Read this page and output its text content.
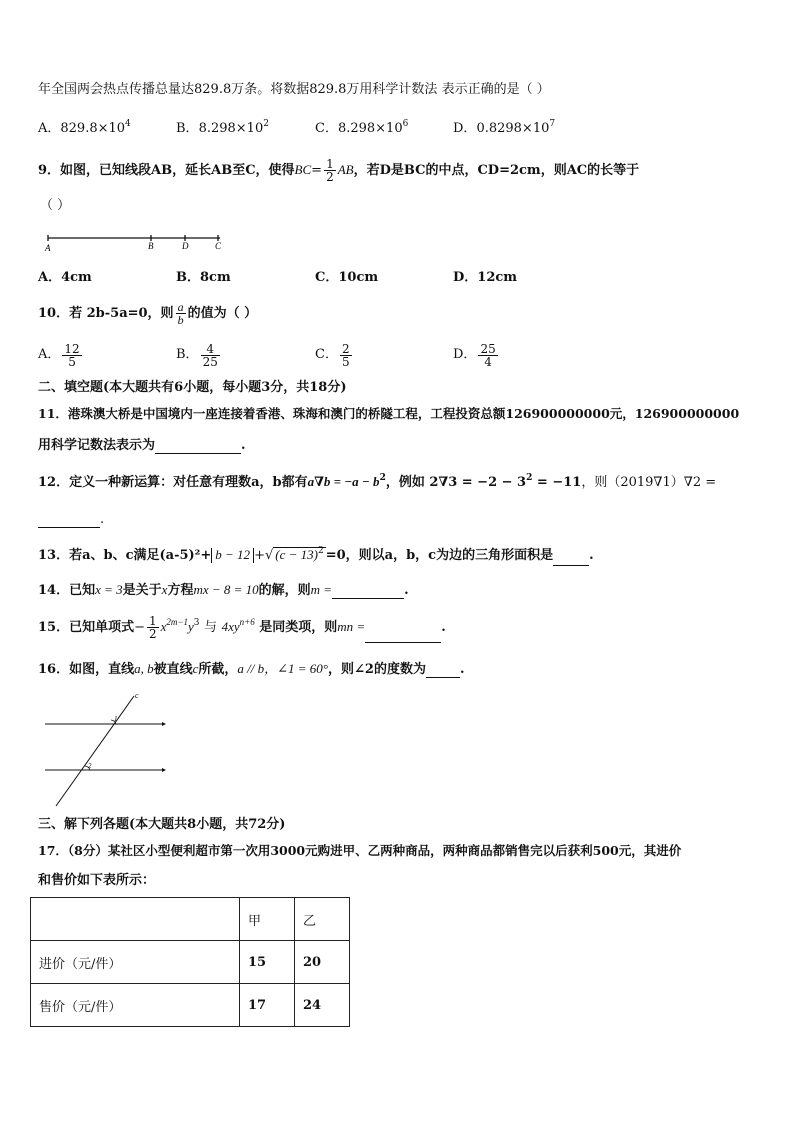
年全国两会热点传播总量达829.8万条。将数据829.8万用科学计数法 表示正确的是（ ）
A．$829.8\times 10^4$	B．$8.298\times 10^2$	C．$8.298\times 10^6$	D．$0.8298\times 10^7$
9．如图，已知线段AB，延长AB至C，使得$BC= \frac{1}{2}$ AB，若D是BC的中点，CD=2cm，则AC的长等于
（ ）
A	B	D	C
A．4cm	B．8cm	C．10cm	D．12cm
10．若 2b-5a=0，则 $\frac{a}{b}$ 的值为（ ）
A． $\frac{12}{5}$	B． $\frac{4}{25}$	C． $\frac{2}{5}$	D． $\frac{25}{4}$
二、填空题(本大题共有6小题，每小题3分，共18分)
11．港珠澳大桥是中国境内一座连接着香港、珠海和澳门的桥隧工程，工程投资总额126900000000元，126900000000
用科学记数法表示为	.
12．定义一种新运算：对任意有理数a，b都有$a\nabla b = -a - b^2$，例如 $2\nabla 3 = -2 - 3^2 = -11$，则（2019∇1）∇2 =
.
13．若a、b、c满足(a-5)²+ b − 12 +√ $(c - 13)^2 =0$，则以a，b，c为边的三角形面积是	.
14．已知x = 3是关于x方程mx − 8 = 10的解，则m =	.
15．已知单项式− $\frac{1}{2} x^{2m-1}y^3$ 与 $4xy^{n+6}$ 是同类项，则mn =	.
16．如图，直线a, b被直线c所截，a // b，∠1 = 60°，则∠2的度数为	.
c
1
2
三、解下列各题(本大题共8小题，共72分)
17．（8分）某社区小型便利超市第一次用3000元购进甲、乙两种商品，两种商品都销售完以后获利500元，其进价
和售价如下表所示：
	甲	乙
进价（元/件）	15	20
售价（元/件）	17	24
